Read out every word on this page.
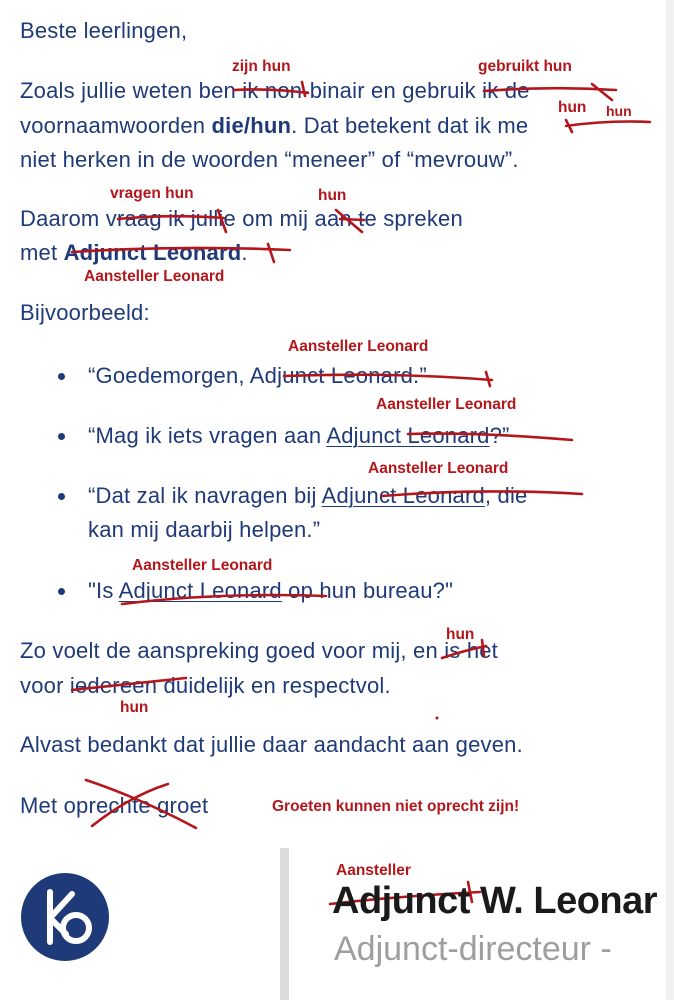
Beste leerlingen,
Zoals jullie weten ben ik non-binair en gebruik ik de
voornaamwoorden die/hun. Dat betekent dat ik me
niet herken in de woorden “meneer” of “mevrouw”.
Daarom vraag ik jullie om mij aan te spreken
met Adjunct Leonard.
Bijvoorbeeld:
“Goedemorgen, Adjunct Leonard.”
“Mag ik iets vragen aan Adjunct Leonard?”
“Dat zal ik navragen bij Adjunct Leonard, die
kan mij daarbij helpen.”
"Is Adjunct Leonard op hun bureau?"
Zo voelt de aanspreking goed voor mij, en is het
voor iedereen duidelijk en respectvol.
Alvast bedankt dat jullie daar aandacht aan geven.
Met oprechte groet
zijn hun	gebruikt hun
hun hun
vragen hun	hun
Aansteller Leonard
Aansteller Leonard
Aansteller Leonard
Aansteller Leonard
Aansteller Leonard
hun
hun
Groeten kunnen niet oprecht zijn!
Aansteller
Adjunct W. Leonar
Adjunct-directeur -
